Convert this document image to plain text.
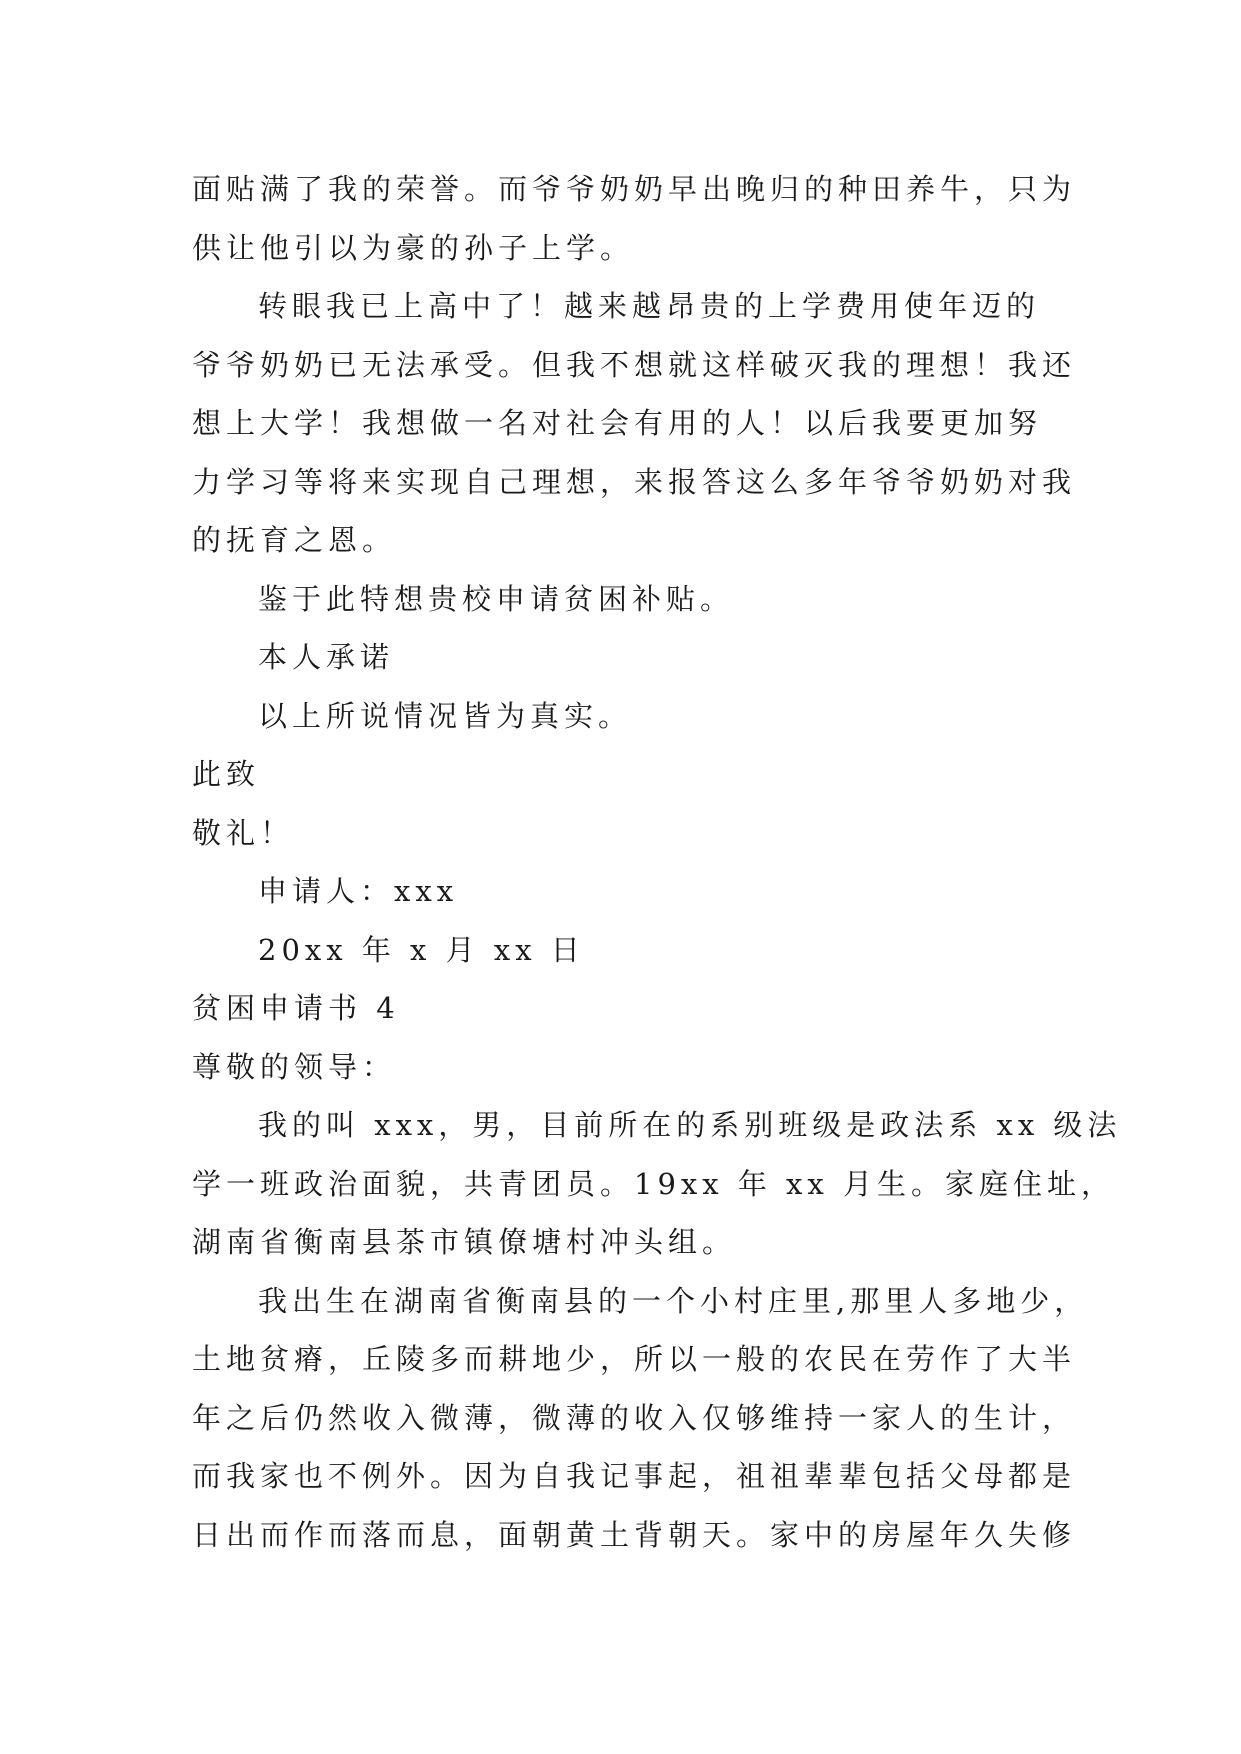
面贴满了我的荣誉。而爷爷奶奶早出晚归的种田养牛，只为
供让他引以为豪的孙子上学。
转眼我已上高中了！越来越昂贵的上学费用使年迈的
爷爷奶奶已无法承受。但我不想就这样破灭我的理想！我还
想上大学！我想做一名对社会有用的人！以后我要更加努
力学习等将来实现自己理想，来报答这么多年爷爷奶奶对我
的抚育之恩。
鉴于此特想贵校申请贫困补贴。
本人承诺
以上所说情况皆为真实。
此致
敬礼！
申请人：xxx
20xx 年 x 月 xx 日
贫困申请书 4
尊敬的领导：
我的叫 xxx，男，目前所在的系别班级是政法系 xx 级法
学一班政治面貌，共青团员。19xx 年 xx 月生。家庭住址，
湖南省衡南县茶市镇僚塘村冲头组。
我出生在湖南省衡南县的一个小村庄里,那里人多地少，
土地贫瘠，丘陵多而耕地少，所以一般的农民在劳作了大半
年之后仍然收入微薄，微薄的收入仅够维持一家人的生计，
而我家也不例外。因为自我记事起，祖祖辈辈包括父母都是
日出而作而落而息，面朝黄土背朝天。家中的房屋年久失修
